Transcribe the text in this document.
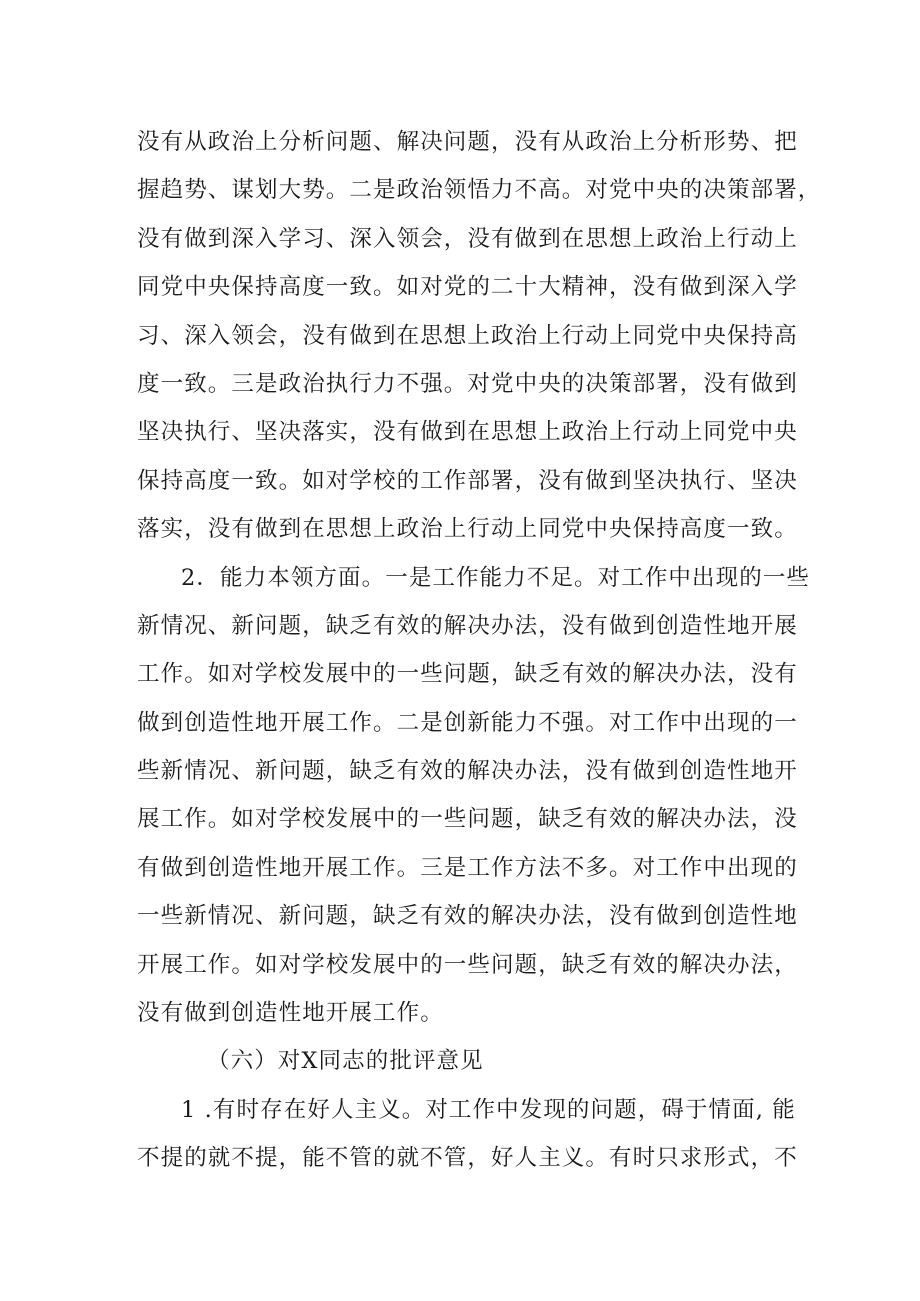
没有从政治上分析问题、解决问题，没有从政治上分析形势、把
握趋势、谋划大势。二是政治领悟力不高。对党中央的决策部署，
没有做到深入学习、深入领会，没有做到在思想上政治上行动上
同党中央保持高度一致。如对党的二十大精神，没有做到深入学
习、深入领会，没有做到在思想上政治上行动上同党中央保持高
度一致。三是政治执行力不强。对党中央的决策部署，没有做到
坚决执行、坚决落实，没有做到在思想上政治上行动上同党中央
保持高度一致。如对学校的工作部署，没有做到坚决执行、坚决
落实，没有做到在思想上政治上行动上同党中央保持高度一致。
2．能力本领方面。一是工作能力不足。对工作中出现的一些
新情况、新问题，缺乏有效的解决办法，没有做到创造性地开展
工作。如对学校发展中的一些问题，缺乏有效的解决办法，没有
做到创造性地开展工作。二是创新能力不强。对工作中出现的一
些新情况、新问题，缺乏有效的解决办法，没有做到创造性地开
展工作。如对学校发展中的一些问题，缺乏有效的解决办法，没
有做到创造性地开展工作。三是工作方法不多。对工作中出现的
一些新情况、新问题，缺乏有效的解决办法，没有做到创造性地
开展工作。如对学校发展中的一些问题，缺乏有效的解决办法，
没有做到创造性地开展工作。
（六）对X同志的批评意见
1 .有时存在好人主义。对工作中发现的问题，碍于情面, 能
不提的就不提，能不管的就不管，好人主义。有时只求形式，不
